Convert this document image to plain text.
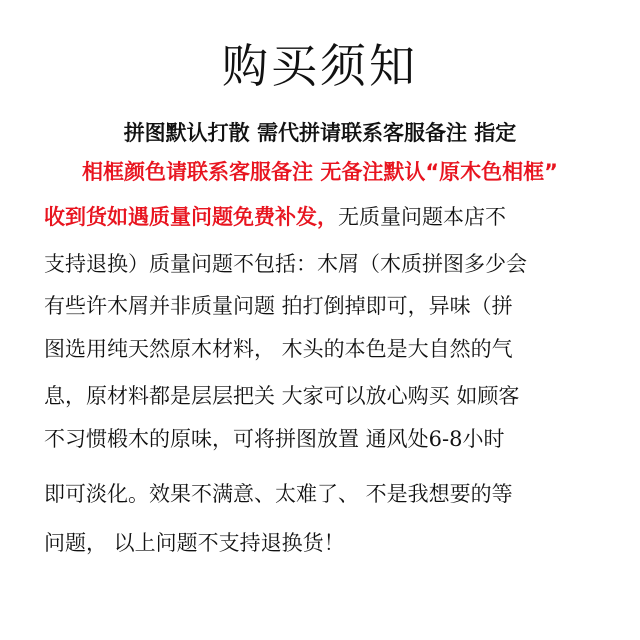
购买须知
拼图默认打散 需代拼请联系客服备注 指定
相框颜色请联系客服备注 无备注默认“原木色相框”
收到货如遇质量问题免费补发，无质量问题本店不
支持退换）质量问题不包括：木屑（木质拼图多少会
有些许木屑并非质量问题 拍打倒掉即可，异味（拼
图选用纯天然原木材料， 木头的本色是大自然的气
息，原材料都是层层把关 大家可以放心购买 如顾客
不习惯椴木的原味，可将拼图放置 通风处6-8小时
即可淡化。效果不满意、太难了、 不是我想要的等
问题， 以上问题不支持退换货！
